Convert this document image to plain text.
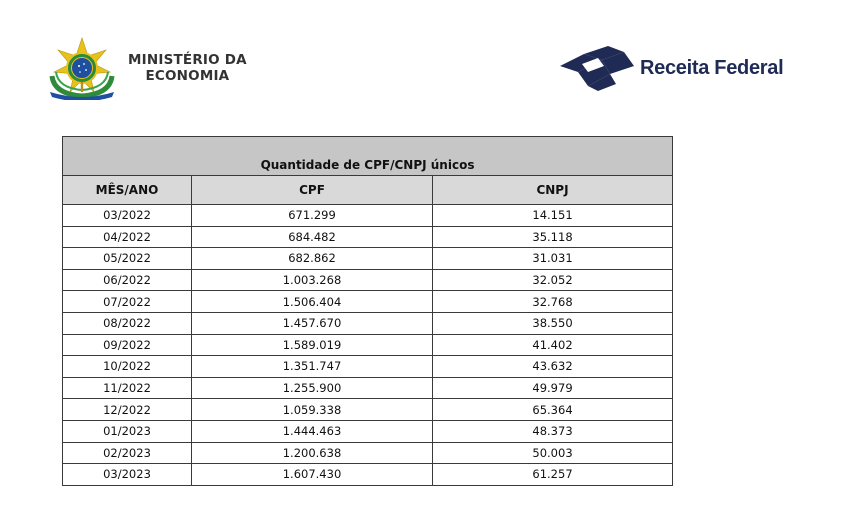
MINISTÉRIO DA
ECONOMIA	Receita Federal
Quantidade de CPF/CNPJ únicos		
MÊS/ANO	CPF	CNPJ
03/2022	671.299	14.151
04/2022	684.482	35.118
05/2022	682.862	31.031
06/2022	1.003.268	32.052
07/2022	1.506.404	32.768
08/2022	1.457.670	38.550
09/2022	1.589.019	41.402
10/2022	1.351.747	43.632
11/2022	1.255.900	49.979
12/2022	1.059.338	65.364
01/2023	1.444.463	48.373
02/2023	1.200.638	50.003
03/2023	1.607.430	61.257
